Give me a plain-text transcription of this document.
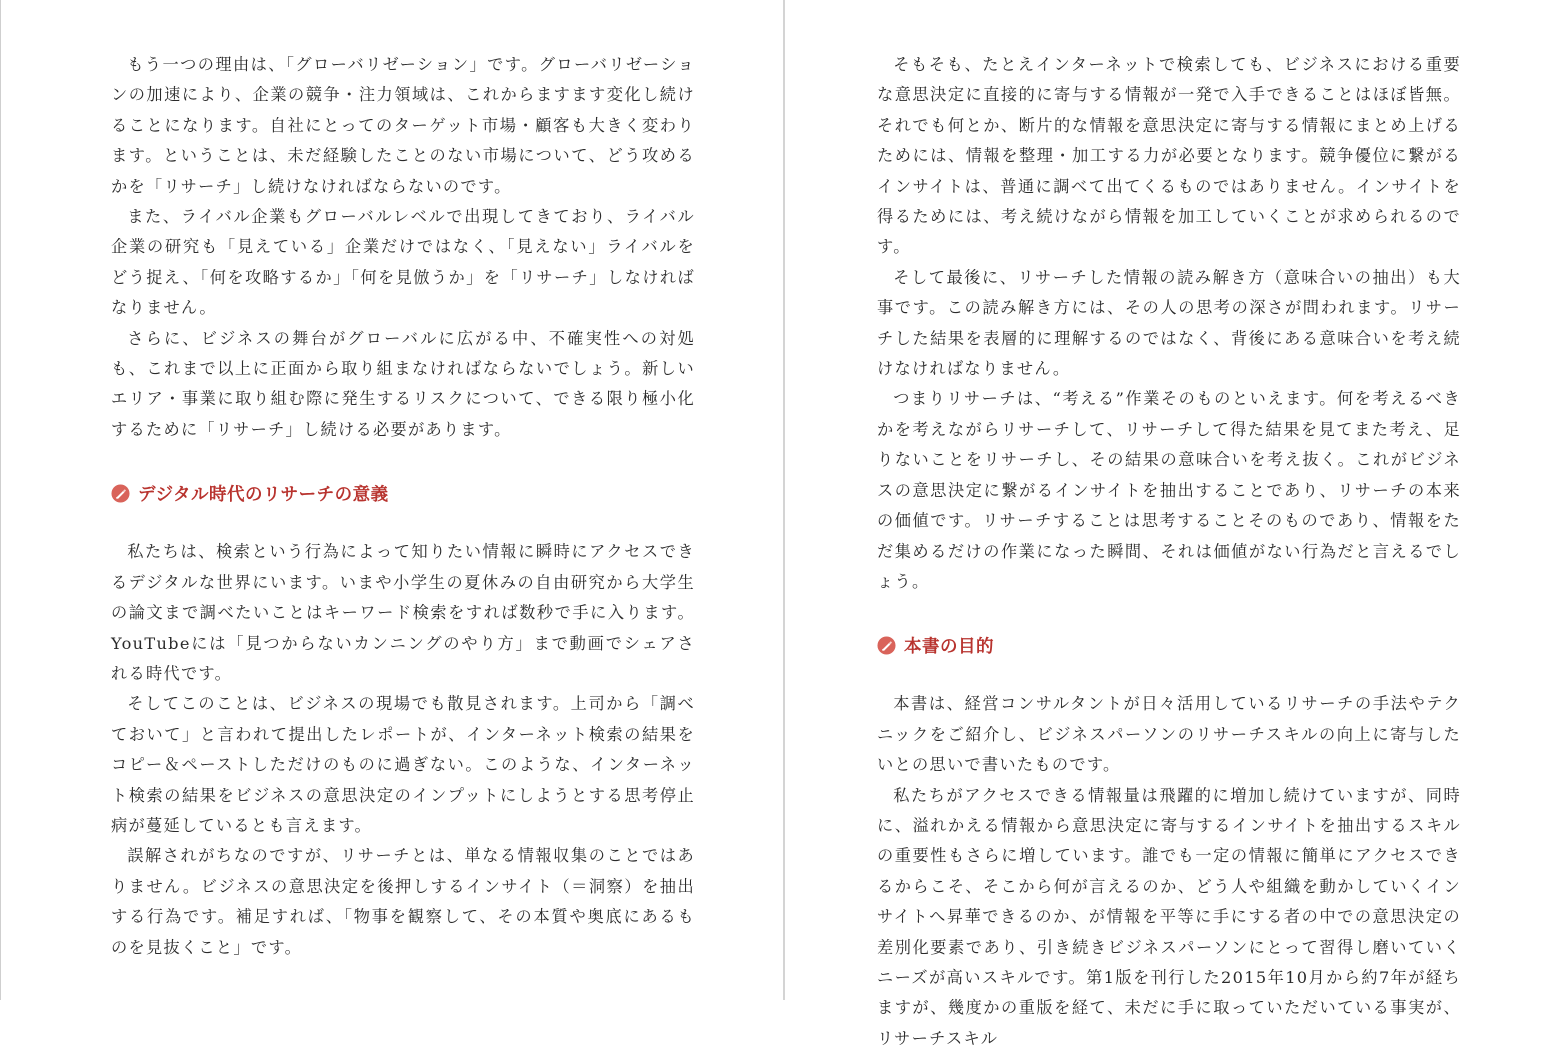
もう一つの理由は、「グローバリゼーション」です。グローバリゼーションの加速により、企業の競争・注力領域は、これからますます変化し続けることになります。自社にとってのターゲット市場・顧客も大きく変わります。ということは、未だ経験したことのない市場について、どう攻めるかを「リサーチ」し続けなければならないのです。

また、ライバル企業もグローバルレベルで出現してきており、ライバル企業の研究も「見えている」企業だけではなく、「見えない」ライバルをどう捉え、「何を攻略するか」「何を見倣うか」を「リサーチ」しなければなりません。

さらに、ビジネスの舞台がグローバルに広がる中、不確実性への対処も、これまで以上に正面から取り組まなければならないでしょう。新しいエリア・事業に取り組む際に発生するリスクについて、できる限り極小化するために「リサーチ」し続ける必要があります。

デジタル時代のリサーチの意義

私たちは、検索という行為によって知りたい情報に瞬時にアクセスできるデジタルな世界にいます。いまや小学生の夏休みの自由研究から大学生の論文まで調べたいことはキーワード検索をすれば数秒で手に入ります。YouTubeには「見つからないカンニングのやり方」まで動画でシェアされる時代です。

そしてこのことは、ビジネスの現場でも散見されます。上司から「調べておいて」と言われて提出したレポートが、インターネット検索の結果をコピー＆ペーストしただけのものに過ぎない。このような、インターネット検索の結果をビジネスの意思決定のインプットにしようとする思考停止病が蔓延しているとも言えます。

誤解されがちなのですが、リサーチとは、単なる情報収集のことではありません。ビジネスの意思決定を後押しするインサイト（＝洞察）を抽出する行為です。補足すれば、「物事を観察して、その本質や奥底にあるものを見抜くこと」です。

そもそも、たとえインターネットで検索しても、ビジネスにおける重要な意思決定に直接的に寄与する情報が一発で入手できることはほぼ皆無。それでも何とか、断片的な情報を意思決定に寄与する情報にまとめ上げるためには、情報を整理・加工する力が必要となります。競争優位に繋がるインサイトは、普通に調べて出てくるものではありません。インサイトを得るためには、考え続けながら情報を加工していくことが求められるのです。

そして最後に、リサーチした情報の読み解き方（意味合いの抽出）も大事です。この読み解き方には、その人の思考の深さが問われます。リサーチした結果を表層的に理解するのではなく、背後にある意味合いを考え続けなければなりません。

つまりリサーチは、“考える”作業そのものといえます。何を考えるべきかを考えながらリサーチして、リサーチして得た結果を見てまた考え、足りないことをリサーチし、その結果の意味合いを考え抜く。これがビジネスの意思決定に繋がるインサイトを抽出することであり、リサーチの本来の価値です。リサーチすることは思考することそのものであり、情報をただ集めるだけの作業になった瞬間、それは価値がない行為だと言えるでしょう。

本書の目的

本書は、経営コンサルタントが日々活用しているリサーチの手法やテクニックをご紹介し、ビジネスパーソンのリサーチスキルの向上に寄与したいとの思いで書いたものです。

私たちがアクセスできる情報量は飛躍的に増加し続けていますが、同時に、溢れかえる情報から意思決定に寄与するインサイトを抽出するスキルの重要性もさらに増しています。誰でも一定の情報に簡単にアクセスできるからこそ、そこから何が言えるのか、どう人や組織を動かしていくインサイトへ昇華できるのか、が情報を平等に手にする者の中での意思決定の差別化要素であり、引き続きビジネスパーソンにとって習得し磨いていくニーズが高いスキルです。第1版を刊行した2015年10月から約7年が経ちますが、幾度かの重版を経て、未だに手に取っていただいている事実が、リサーチスキル
